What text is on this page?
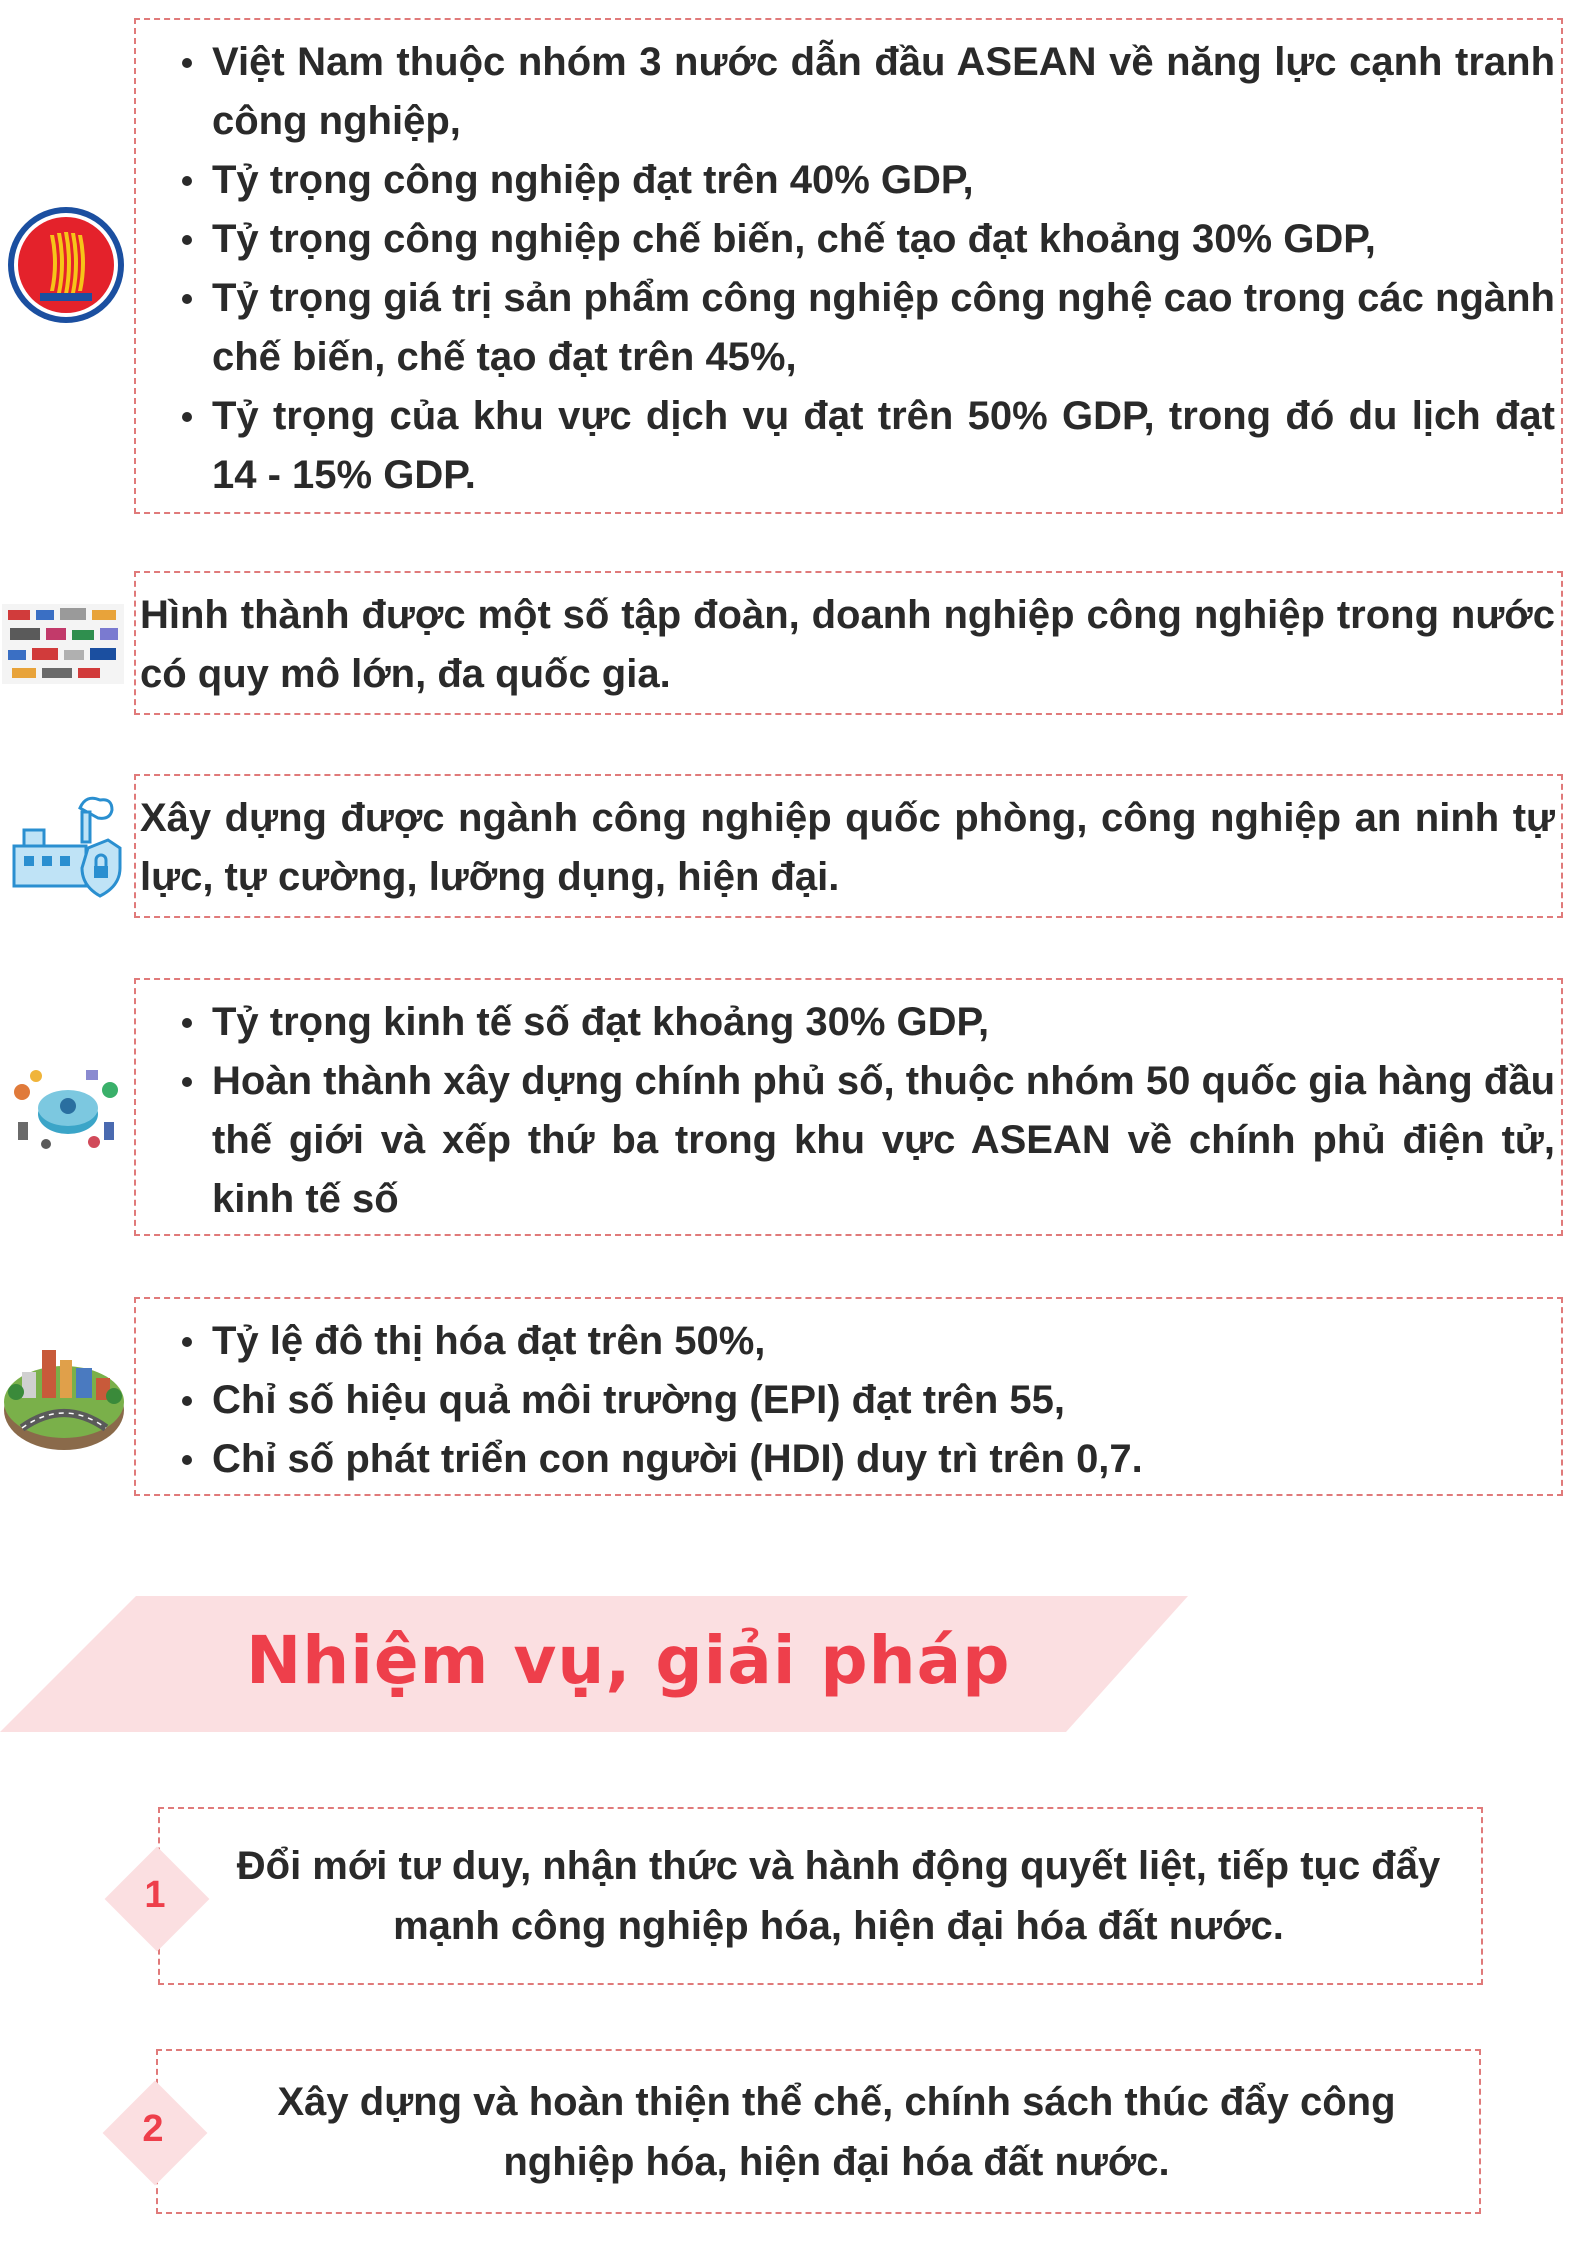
Việt Nam thuộc nhóm 3 nước dẫn đầu ASEAN về năng lực cạnh tranh công nghiệp,
Tỷ trọng công nghiệp đạt trên 40% GDP,
Tỷ trọng công nghiệp chế biến, chế tạo đạt khoảng 30% GDP,
Tỷ trọng giá trị sản phẩm công nghiệp công nghệ cao trong các ngành chế biến, chế tạo đạt trên 45%,
Tỷ trọng của khu vực dịch vụ đạt trên 50% GDP, trong đó du lịch đạt 14 - 15% GDP.

Hình thành được một số tập đoàn, doanh nghiệp công nghiệp trong nước có quy mô lớn, đa quốc gia.

Xây dựng được ngành công nghiệp quốc phòng, công nghiệp an ninh tự lực, tự cường, lưỡng dụng, hiện đại.

Tỷ trọng kinh tế số đạt khoảng 30% GDP,
Hoàn thành xây dựng chính phủ số, thuộc nhóm 50 quốc gia hàng đầu thế giới và xếp thứ ba trong khu vực ASEAN về chính phủ điện tử, kinh tế số
Tỷ lệ đô thị hóa đạt trên 50%,
Chỉ số hiệu quả môi trường (EPI) đạt trên 55,
Chỉ số phát triển con người (HDI) duy trì trên 0,7.
Nhiệm vụ, giải pháp
Đổi mới tư duy, nhận thức và hành động quyết liệt, tiếp tục đẩy mạnh công nghiệp hóa, hiện đại hóa đất nước.
1
Xây dựng và hoàn thiện thể chế, chính sách thúc đẩy công nghiệp hóa, hiện đại hóa đất nước.
2
